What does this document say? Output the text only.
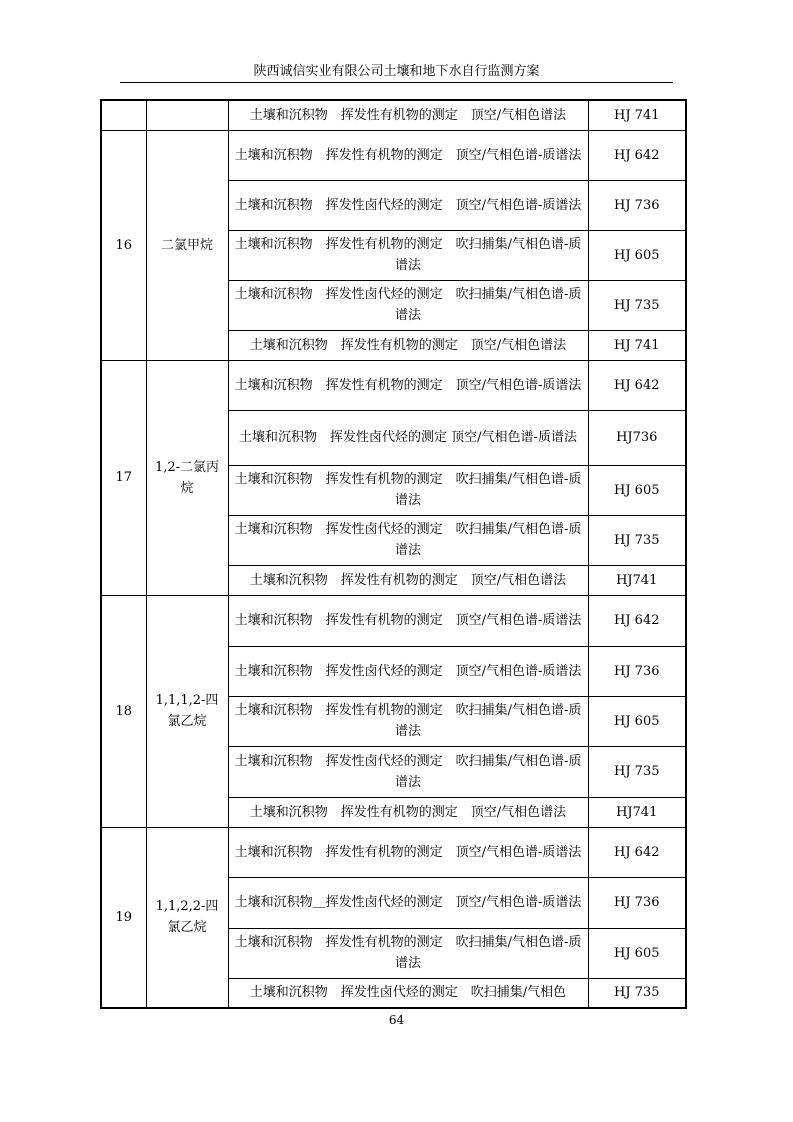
陕西诚信实业有限公司土壤和地下水自行监测方案
		土壤和沉积物　挥发性有机物的测定　顶空/气相色谱法	HJ 741
16	二氯甲烷	土壤和沉积物　挥发性有机物的测定　顶空/气相色谱-质谱法	HJ 642
		土壤和沉积物　挥发性卤代烃的测定　顶空/气相色谱-质谱法	HJ 736
		土壤和沉积物　挥发性有机物的测定　吹扫捕集/气相色谱-质谱法	HJ 605
		土壤和沉积物　挥发性卤代烃的测定　吹扫捕集/气相色谱-质谱法	HJ 735
		土壤和沉积物　挥发性有机物的测定　顶空/气相色谱法	HJ 741
17	1,2-二氯丙烷	土壤和沉积物　挥发性有机物的测定　顶空/气相色谱-质谱法	HJ 642
		土壤和沉积物　挥发性卤代烃的测定 顶空/气相色谱-质谱法	HJ736
		土壤和沉积物　挥发性有机物的测定　吹扫捕集/气相色谱-质谱法	HJ 605
		土壤和沉积物　挥发性卤代烃的测定　吹扫捕集/气相色谱-质谱法	HJ 735
		土壤和沉积物　挥发性有机物的测定　顶空/气相色谱法	HJ741
18	1,1,1,2-四氯乙烷	土壤和沉积物　挥发性有机物的测定　顶空/气相色谱-质谱法	HJ 642
		土壤和沉积物　挥发性卤代烃的测定　顶空/气相色谱-质谱法	HJ 736
		土壤和沉积物　挥发性有机物的测定　吹扫捕集/气相色谱-质谱法	HJ 605
		土壤和沉积物　挥发性卤代烃的测定　吹扫捕集/气相色谱-质谱法	HJ 735
		土壤和沉积物　挥发性有机物的测定　顶空/气相色谱法	HJ741
19	1,1,2,2-四氯乙烷	土壤和沉积物　挥发性有机物的测定　顶空/气相色谱-质谱法	HJ 642
		土壤和沉积物＿挥发性卤代烃的测定　顶空/气相色谱-质谱法	HJ 736
		土壤和沉积物　挥发性有机物的测定　吹扫捕集/气相色谱-质谱法	HJ 605
		土壤和沉积物　挥发性卤代烃的测定　吹扫捕集/气相色	HJ 735
64
